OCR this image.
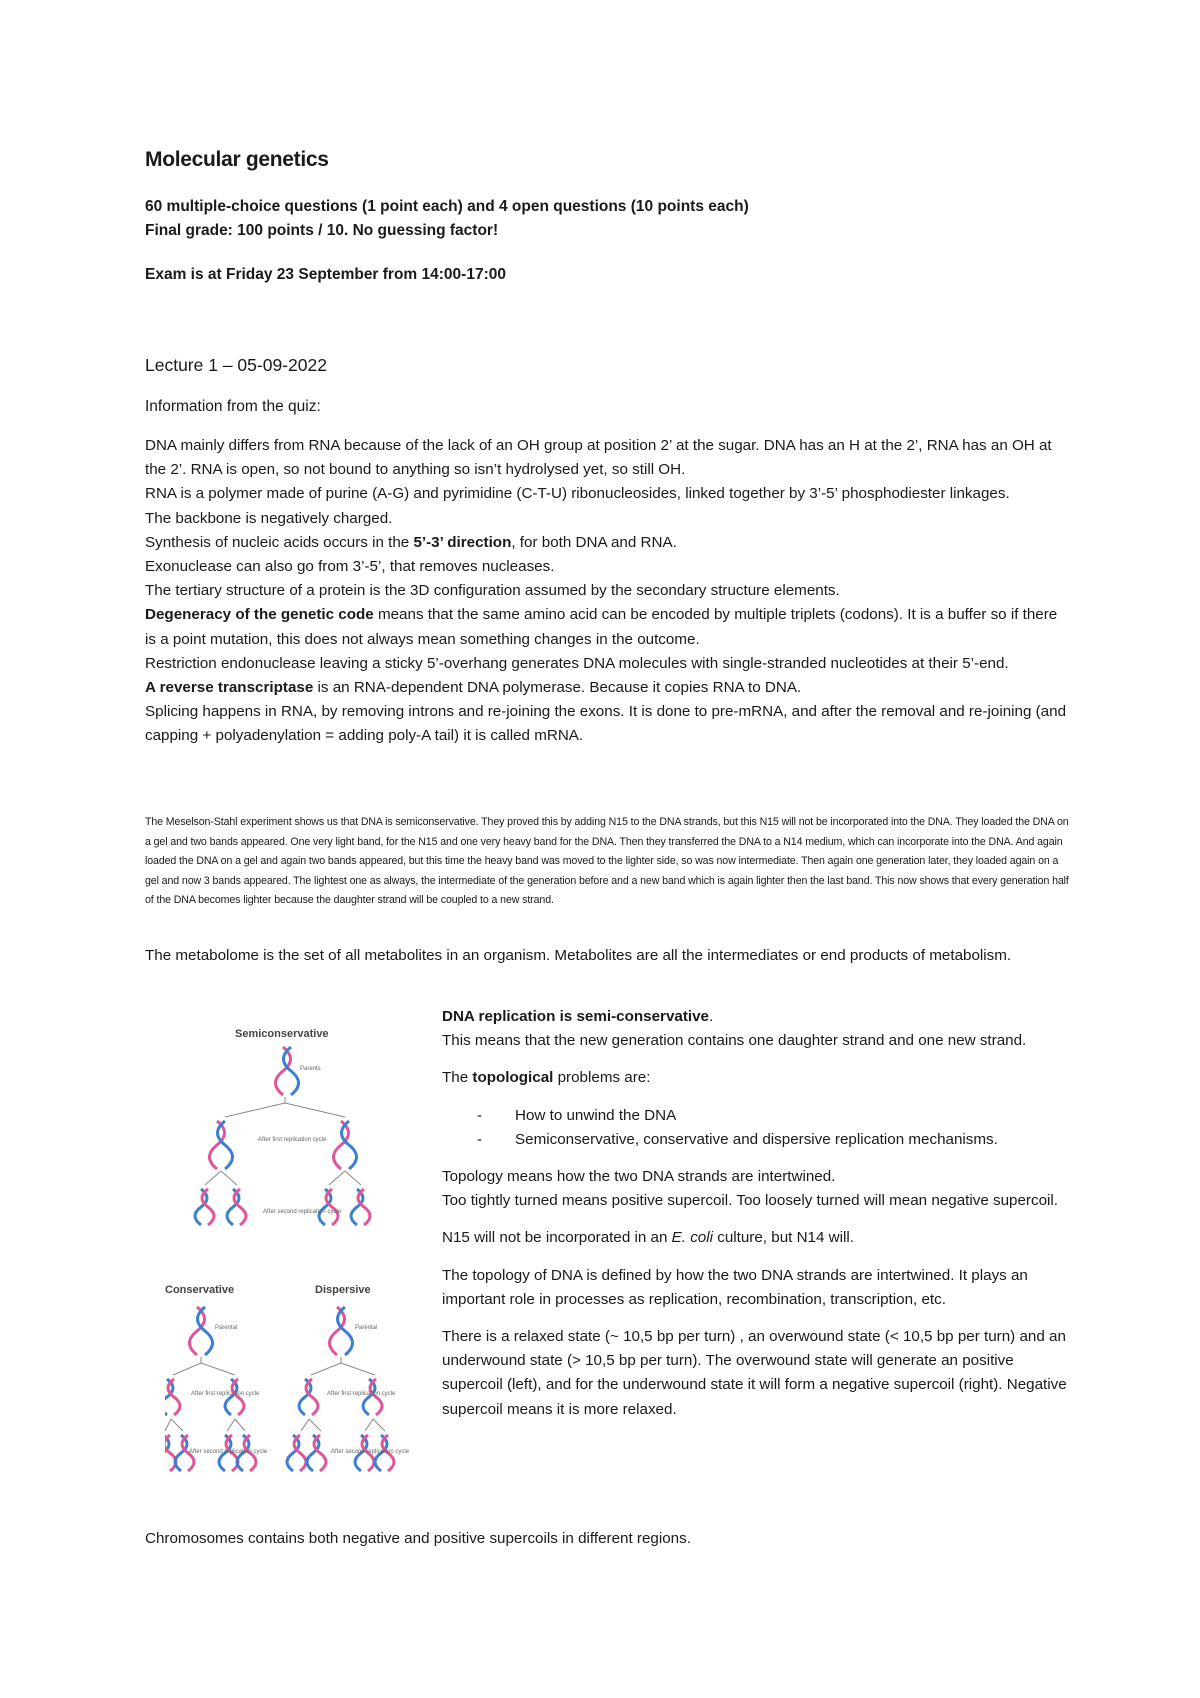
Molecular genetics
60 multiple-choice questions (1 point each) and 4 open questions (10 points each)
Final grade: 100 points / 10. No guessing factor!
Exam is at Friday 23 September from 14:00-17:00
Lecture 1 – 05-09-2022
Information from the quiz:

DNA mainly differs from RNA because of the lack of an OH group at position 2’ at the sugar. DNA has an H at the 2’, RNA has an OH at the 2’. RNA is open, so not bound to anything so isn’t hydrolysed yet, so still OH.

RNA is a polymer made of purine (A-G) and pyrimidine (C-T-U) ribonucleosides, linked together by 3’-5’ phosphodiester linkages.

The backbone is negatively charged.

Synthesis of nucleic acids occurs in the 5’-3’ direction, for both DNA and RNA.

Exonuclease can also go from 3’-5’, that removes nucleases.

The tertiary structure of a protein is the 3D configuration assumed by the secondary structure elements.

Degeneracy of the genetic code means that the same amino acid can be encoded by multiple triplets (codons). It is a buffer so if there is a point mutation, this does not always mean something changes in the outcome.

Restriction endonuclease leaving a sticky 5’-overhang generates DNA molecules with single-stranded nucleotides at their 5’-end.

A reverse transcriptase is an RNA-dependent DNA polymerase. Because it copies RNA to DNA.

Splicing happens in RNA, by removing introns and re-joining the exons. It is done to pre-mRNA, and after the removal and re-joining (and capping + polyadenylation = adding poly-A tail) it is called mRNA.

The Meselson-Stahl experiment shows us that DNA is semiconservative. They proved this by adding N15 to the DNA strands, but this N15 will not be incorporated into the DNA. They loaded the DNA on a gel and two bands appeared. One very light band, for the N15 and one very heavy band for the DNA. Then they transferred the DNA to a N14 medium, which can incorporate into the DNA. And again loaded the DNA on a gel and again two bands appeared, but this time the heavy band was moved to the lighter side, so was now intermediate. Then again one generation later, they loaded again on a gel and now 3 bands appeared. The lightest one as always, the intermediate of the generation before and a new band which is again lighter then the last band. This now shows that every generation half of the DNA becomes lighter because the daughter strand will be coupled to a new strand.
The metabolome is the set of all metabolites in an organism. Metabolites are all the intermediates or end products of metabolism.
Semiconservative
Parents
After first replication cycle
After second replication cycle
Conservative
Parental
After first replication cycle
After second replication cycle
Dispersive
Parental
After first replication cycle
After second replication cycle

DNA replication is semi-conservative.

This means that the new generation contains one daughter strand and one new strand.

The topological problems are:

- How to unwind the DNA
- Semiconservative, conservative and dispersive replication mechanisms.

Topology means how the two DNA strands are intertwined.

Too tightly turned means positive supercoil. Too loosely turned will mean negative supercoil.

N15 will not be incorporated in an E. coli culture, but N14 will.

The topology of DNA is defined by how the two DNA strands are intertwined. It plays an important role in processes as replication, recombination, transcription, etc.

There is a relaxed state (~ 10,5 bp per turn) , an overwound state (< 10,5 bp per turn) and an underwound state (> 10,5 bp per turn). The overwound state will generate an positive supercoil (left), and for the underwound state it will form a negative supercoil (right). Negative supercoil means it is more relaxed.

Chromosomes contains both negative and positive supercoils in different regions.
